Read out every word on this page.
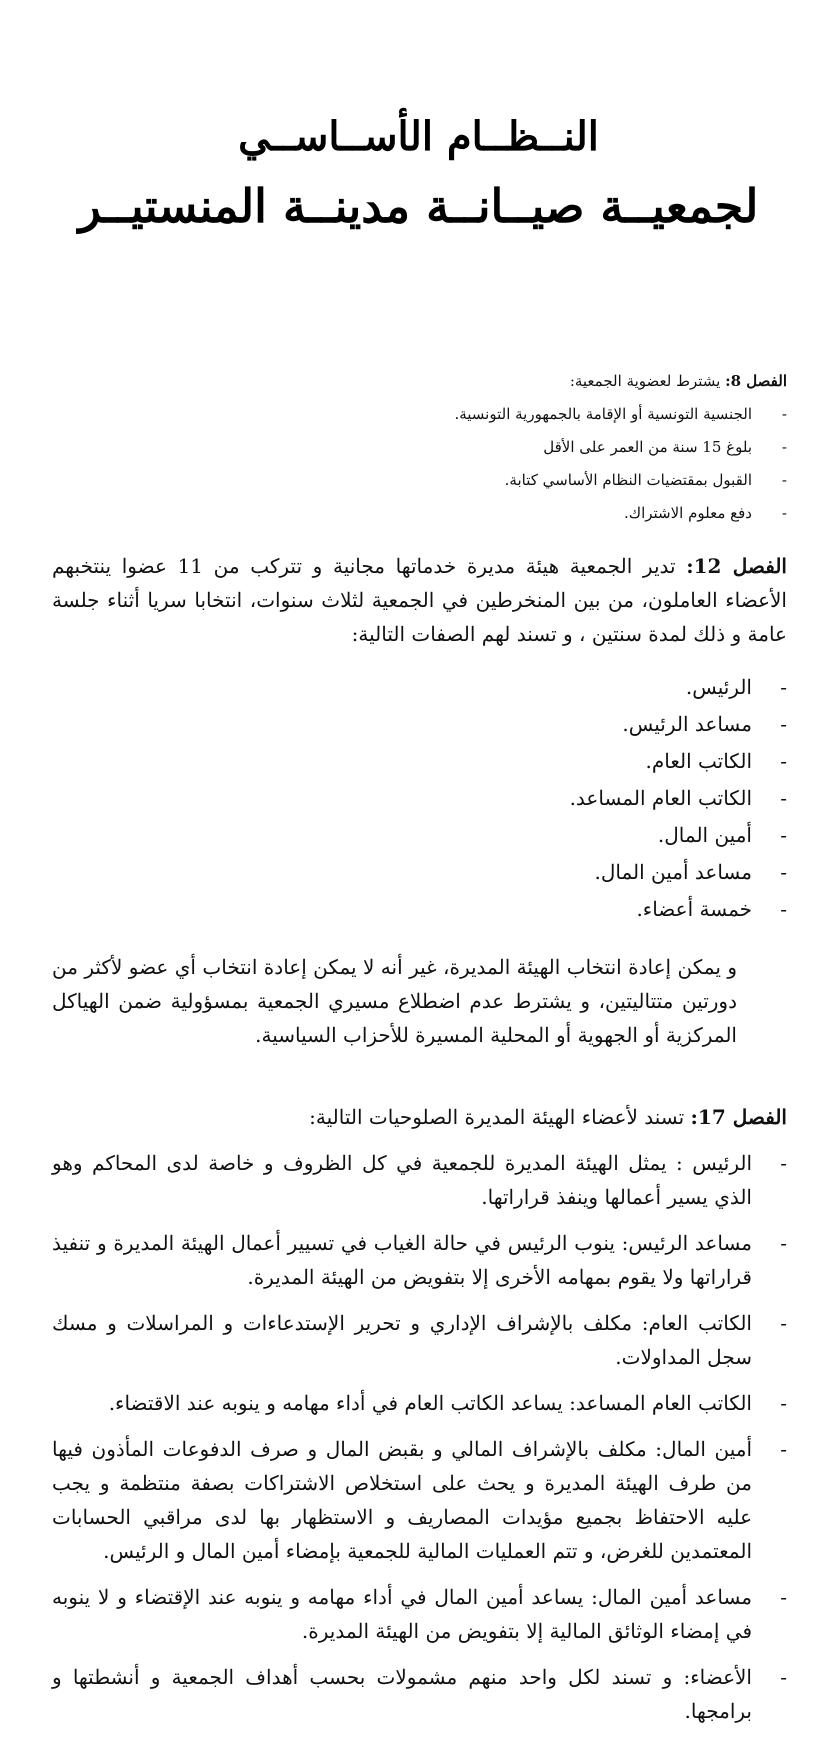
النــظــام الأســاســي
لجمعيــة صيــانــة مدينــة المنستيــر

الفصل 8: يشترط لعضوية الجمعية:

-
الجنسية التونسية أو الإقامة بالجمهورية التونسية.
-
بلوغ 15 سنة من العمر على الأقل
-
القبول بمقتضيات النظام الأساسي كتابة.
-
دفع معلوم الاشتراك.

الفصل 12: تدير الجمعية هيئة مديرة خدماتها مجانية و تتركب من 11 عضوا ينتخبهم الأعضاء العاملون، من بين المنخرطين في الجمعية لثلاث سنوات، انتخابا سريا أثناء جلسة عامة و ذلك لمدة سنتين ، و تسند لهم الصفات التالية:

-
الرئيس.
-
مساعد الرئيس.
-
الكاتب العام.
-
الكاتب العام المساعد.
-
أمين المال.
-
مساعد أمين المال.
-
خمسة أعضاء.

و يمكن إعادة انتخاب الهيئة المديرة، غير أنه لا يمكن إعادة انتخاب أي عضو لأكثر من دورتين متتاليتين، و يشترط عدم اضطلاع مسيري الجمعية بمسؤولية ضمن الهياكل المركزية أو الجهوية أو المحلية المسيرة للأحزاب السياسية.

الفصل 17: تسند لأعضاء الهيئة المديرة الصلوحيات التالية:

-
الرئيس : يمثل الهيئة المديرة للجمعية في كل الظروف و خاصة لدى المحاكم وهو الذي يسير أعمالها وينفذ قراراتها.
-
مساعد الرئيس: ينوب الرئيس في حالة الغياب في تسيير أعمال الهيئة المديرة و تنفيذ قراراتها ولا يقوم بمهامه الأخرى إلا بتفويض من الهيئة المديرة.
-
الكاتب العام: مكلف بالإشراف الإداري و تحرير الإستدعاءات و المراسلات و مسك سجل المداولات.
-
الكاتب العام المساعد: يساعد الكاتب العام في أداء مهامه و ينوبه عند الاقتضاء.
-
أمين المال: مكلف بالإشراف المالي و بقبض المال و صرف الدفوعات المأذون فيها من طرف الهيئة المديرة و يحث على استخلاص الاشتراكات بصفة منتظمة و يجب عليه الاحتفاظ بجميع مؤيدات المصاريف و الاستظهار بها لدى مراقبي الحسابات المعتمدين للغرض، و تتم العمليات المالية للجمعية بإمضاء أمين المال و الرئيس.
-
مساعد أمين المال: يساعد أمين المال في أداء مهامه و ينوبه عند الإقتضاء و لا ينوبه في إمضاء الوثائق المالية إلا بتفويض من الهيئة المديرة.
-
الأعضاء: و تسند لكل واحد منهم مشمولات بحسب أهداف الجمعية و أنشطتها و برامجها.
